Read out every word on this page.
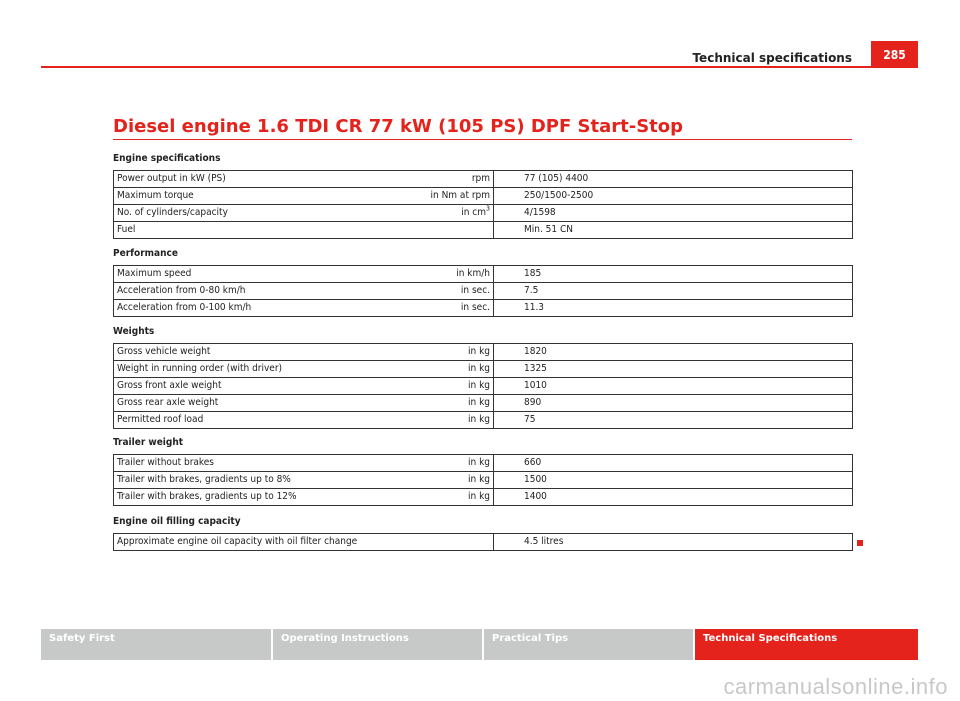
Technical specifications	285
Diesel engine 1.6 TDI CR 77 kW (105 PS) DPF Start-Stop
Engine specifications
Power output in kW (PS)	rpm	77 (105) 4400
Maximum torque	in Nm at rpm	250/1500-2500
No. of cylinders/capacity	in $cm^3$	4/1598
Fuel		Min. 51 CN
Performance
Maximum speed	in km/h	185
Acceleration from 0-80 km/h	in sec.	7.5
Acceleration from 0-100 km/h	in sec.	11.3
Weights
Gross vehicle weight	in kg	1820
Weight in running order (with driver)	in kg	1325
Gross front axle weight	in kg	1010
Gross rear axle weight	in kg	890
Permitted roof load	in kg	75
Trailer weight
Trailer without brakes	in kg	660
Trailer with brakes, gradients up to 8%	in kg	1500
Trailer with brakes, gradients up to 12%	in kg	1400
Engine oil filling capacity
Approximate engine oil capacity with oil filter change	4.5 litres
Safety First	Operating Instructions	Practical Tips	Technical Specifications
carmanualsonline.info
